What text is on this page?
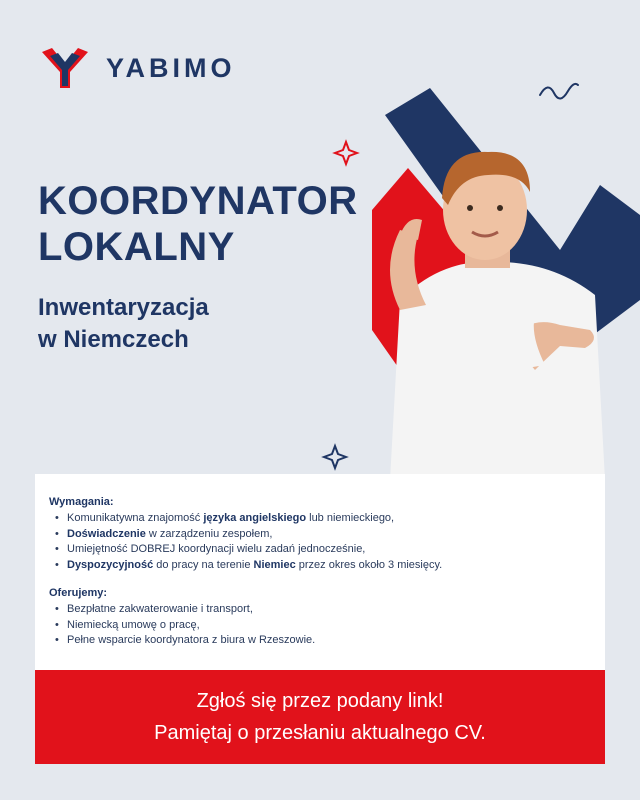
YABIMO
KOORDYNATOR
LOKALNY
Inwentaryzacja
w Niemczech
Wymagania:
• Komunikatywna znajomość języka angielskiego lub niemieckiego,
• Doświadczenie w zarządzeniu zespołem,
• Umiejętność DOBREJ koordynacji wielu zadań jednocześnie,
• Dyspozycyjność do pracy na terenie Niemiec przez okres około 3 miesięcy.
Oferujemy:
• Bezpłatne zakwaterowanie i transport,
• Niemiecką umowę o pracę,
• Pełne wsparcie koordynatora z biura w Rzeszowie.

Zgłoś się przez podany link!

Pamiętaj o przesłaniu aktualnego CV.
